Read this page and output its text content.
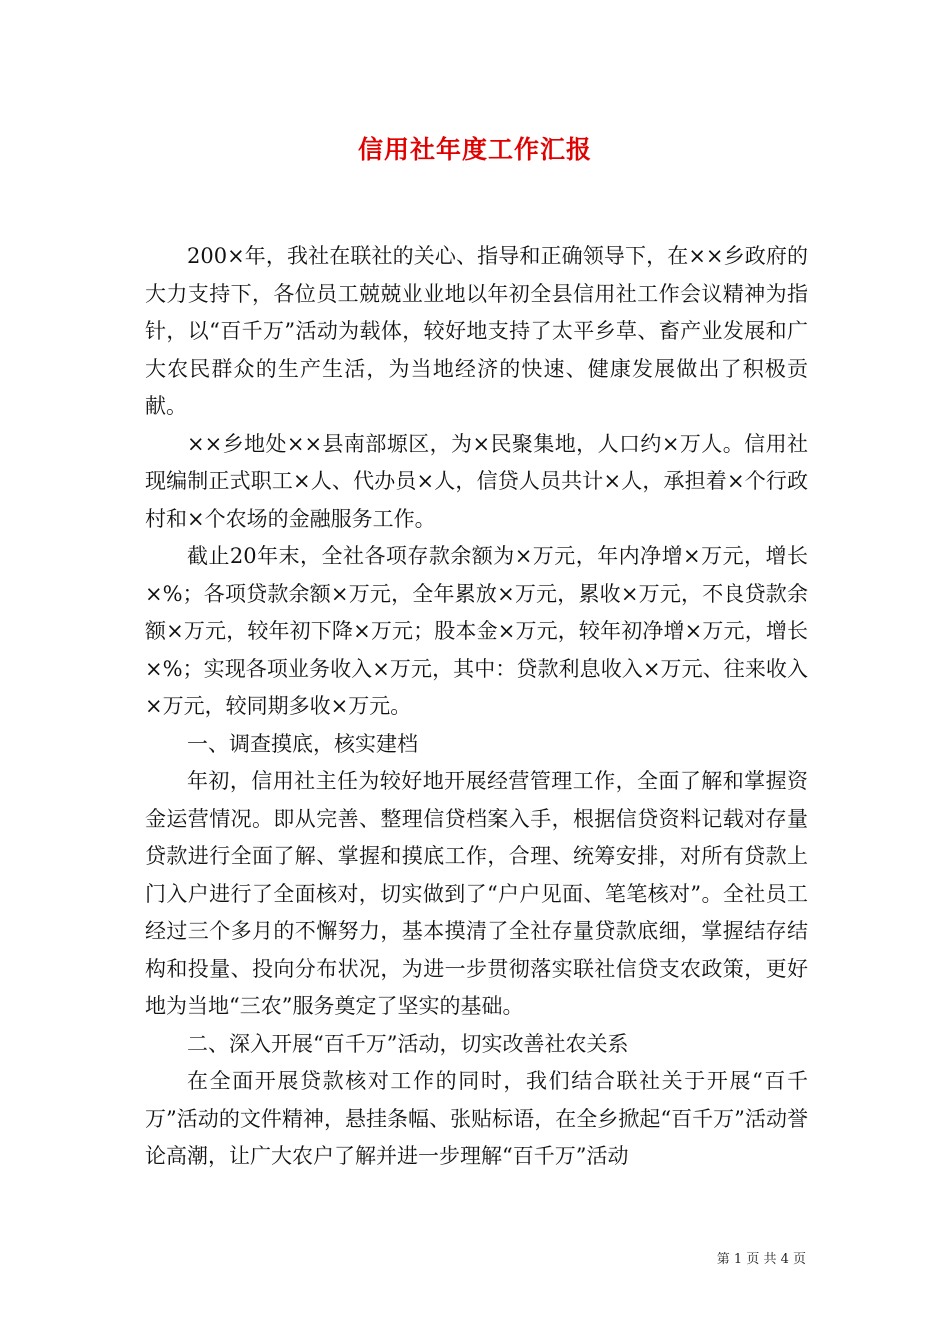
信用社年度工作汇报

200×年，我社在联社的关心、指导和正确领导下，在××乡政府的大力支持下，各位员工兢兢业业地以年初全县信用社工作会议精神为指针，以“百千万”活动为载体，较好地支持了太平乡草、畜产业发展和广大农民群众的生产生活，为当地经济的快速、健康发展做出了积极贡献。

××乡地处××县南部塬区，为×民聚集地，人口约×万人。信用社现编制正式职工×人、代办员×人，信贷人员共计×人，承担着×个行政村和×个农场的金融服务工作。

截止20年末，全社各项存款余额为×万元，年内净增×万元，增长×%；各项贷款余额×万元，全年累放×万元，累收×万元，不良贷款余额×万元，较年初下降×万元；股本金×万元，较年初净增×万元，增长×%；实现各项业务收入×万元，其中：贷款利息收入×万元、往来收入×万元，较同期多收×万元。

一、调查摸底，核实建档

年初，信用社主任为较好地开展经营管理工作，全面了解和掌握资金运营情况。即从完善、整理信贷档案入手，根据信贷资料记载对存量贷款进行全面了解、掌握和摸底工作，合理、统筹安排，对所有贷款上门入户进行了全面核对，切实做到了“户户见面、笔笔核对”。全社员工经过三个多月的不懈努力，基本摸清了全社存量贷款底细，掌握结存结构和投量、投向分布状况，为进一步贯彻落实联社信贷支农政策，更好地为当地“三农”服务奠定了坚实的基础。

二、深入开展“百千万”活动，切实改善社农关系

在全面开展贷款核对工作的同时，我们结合联社关于开展“百千万”活动的文件精神，悬挂条幅、张贴标语，在全乡掀起“百千万”活动誉论高潮，让广大农户了解并进一步理解“百千万”活动

第 1 页 共 4 页
